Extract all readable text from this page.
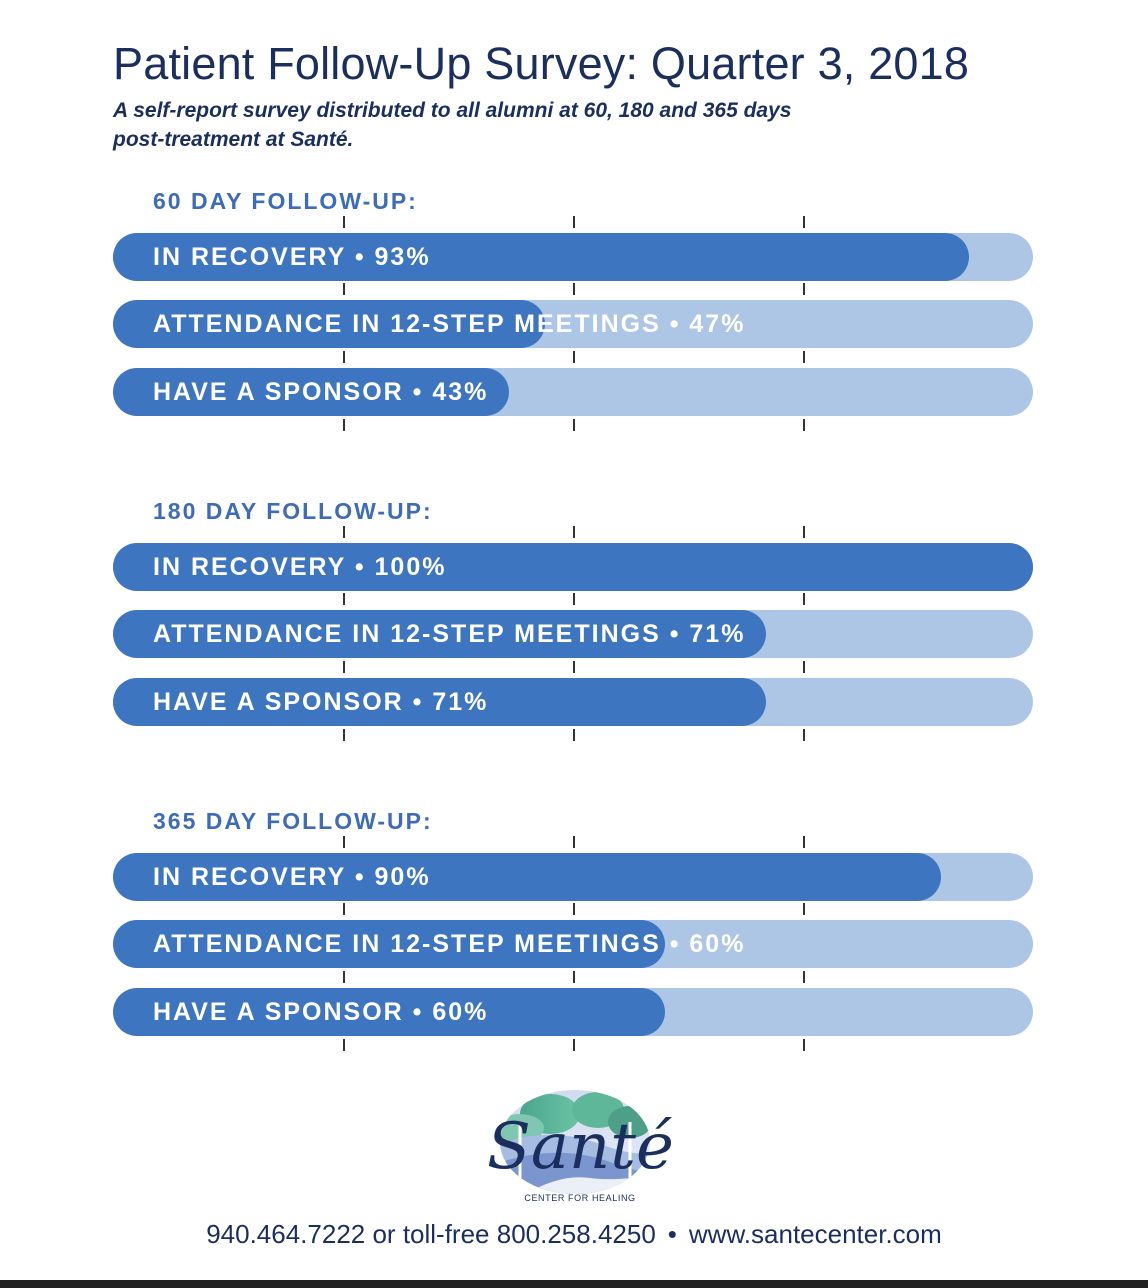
Patient Follow-Up Survey: Quarter 3, 2018

A self-report survey distributed to all alumni at 60, 180 and 365 days
post-treatment at Santé.

60 DAY FOLLOW-UP:
IN RECOVERY • 93%
ATTENDANCE IN 12-STEP MEETINGS • 47%
HAVE A SPONSOR • 43%
180 DAY FOLLOW-UP:
IN RECOVERY • 100%
ATTENDANCE IN 12-STEP MEETINGS • 71%
HAVE A SPONSOR • 71%
365 DAY FOLLOW-UP:
IN RECOVERY • 90%
ATTENDANCE IN 12-STEP MEETINGS • 60%
HAVE A SPONSOR • 60%
Santé
CENTER FOR HEALING
940.464.7222 or toll-free 800.258.4250 • www.santecenter.com
